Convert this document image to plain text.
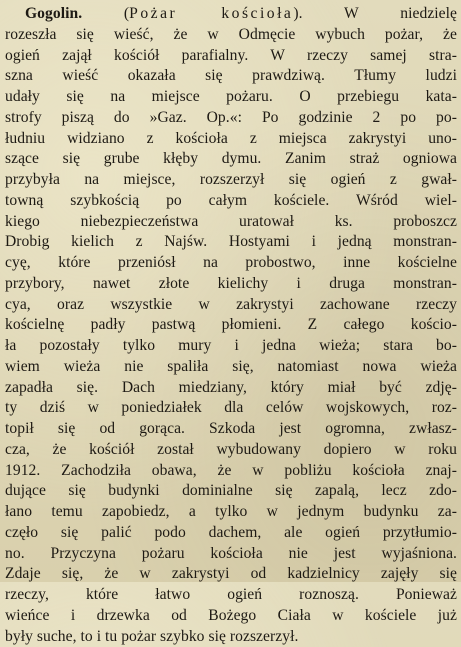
Gogolin.	(Pożar kościoła).	W niedzielę
rozeszła się wieść, że w Odmęcie wybuch pożar, że
ogień zajął kościół parafialny. W rzeczy samej stra-
szna wieść okazała się prawdziwą. Tłumy ludzi
udały się na miejsce pożaru. O przebiegu kata-
strofy piszą do »Gaz. Op.«: Po godzinie 2 po po-
łudniu widziano z kościoła z miejsca zakrystyi uno-
szące się grube kłęby dymu. Zanim straż ogniowa
przybyła na miejsce, rozszerzył się ogień z gwał-
towną szybkością po całym kościele. Wśród wiel-
kiego niebezpieczeństwa uratował ks. proboszcz
Drobig kielich z Najśw. Hostyami i jedną monstran-
cyę, które przeniósł na probostwo, inne kościelne
przybory, nawet złote kielichy i druga monstran-
cya, oraz wszystkie w zakrystyi zachowane rzeczy
kościelnę padły pastwą płomieni. Z całego kościo-
ła pozostały tylko mury i jedna wieża; stara bo-
wiem wieża nie spaliła się, natomiast nowa wieża
zapadła się. Dach miedziany, który miał być zdję-
ty dziś w poniedziałek dla celów wojskowych, roz-
topił się od gorąca. Szkoda jest ogromna, zwłasz-
cza, że kościół został wybudowany dopiero w roku
1912. Zachodziła obawa, że w pobliżu kościoła znaj-
dujące się budynki dominialne się zapalą, lecz zdo-
łano temu zapobiedz, a tylko w jednym budynku za-
częło się palić podo dachem, ale ogień przytłumio-
no. Przyczyna pożaru kościoła nie jest wyjaśniona.
Zdaje się, że w zakrystyi od kadzielnicy zajęły się
rzeczy, które łatwo ogień roznoszą. Ponieważ
wieńce i drzewka od Bożego Ciała w kościele już
były suche, to i tu pożar szybko się rozszerzył.
